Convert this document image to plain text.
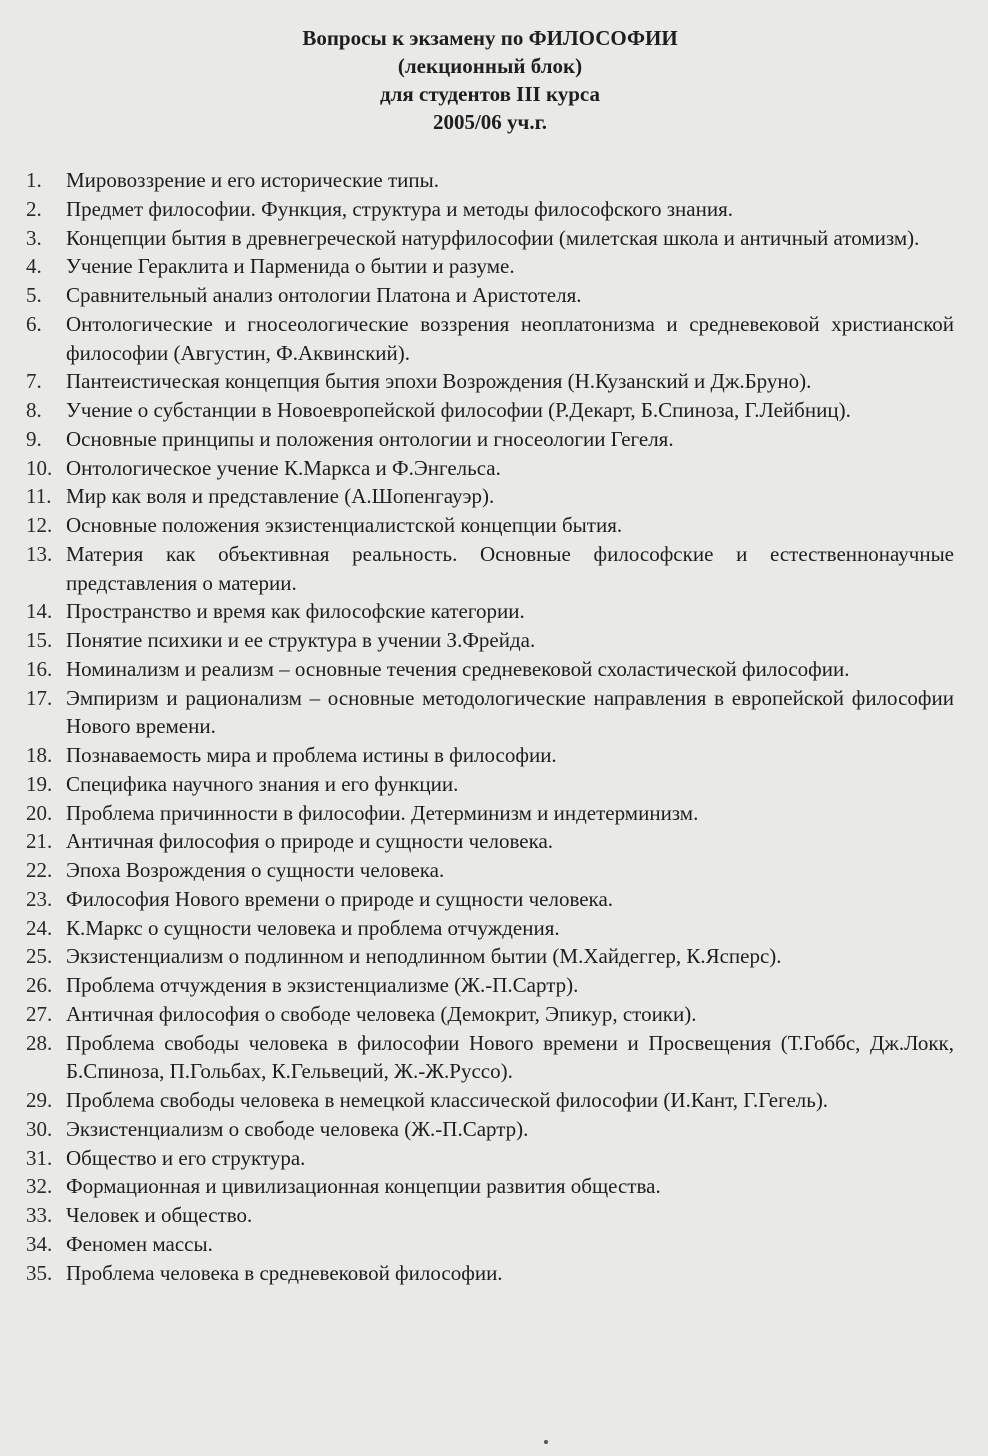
Вопросы к экзамену по ФИЛОСОФИИ
(лекционный блок)
для студентов III курса
2005/06 уч.г.
1.	Мировоззрение и его исторические типы.
2.	Предмет философии. Функция, структура и методы философского знания.
3.	Концепции бытия в древнегреческой натурфилософии (милетская школа и античный атомизм).
4.	Учение Гераклита и Парменида о бытии и разуме.
5.	Сравнительный анализ онтологии Платона и Аристотеля.
6.	Онтологические и гносеологические воззрения неоплатонизма и средневековой христианской философии (Августин, Ф.Аквинский).
7.	Пантеистическая концепция бытия эпохи Возрождения (Н.Кузанский и Дж.Бруно).
8.	Учение о субстанции в Новоевропейской философии (Р.Декарт, Б.Спиноза, Г.Лейбниц).
9.	Основные принципы и положения онтологии и гносеологии Гегеля.
10. Онтологическое учение К.Маркса и Ф.Энгельса.
11. Мир как воля и представление (А.Шопенгауэр).
12. Основные положения экзистенциалистской концепции бытия.
13. Материя как объективная реальность. Основные философские и естественнонаучные представления о материи.
14. Пространство и время как философские категории.
15. Понятие психики и ее структура в учении З.Фрейда.
16. Номинализм и реализм – основные течения средневековой схоластической философии.
17. Эмпиризм и рационализм – основные методологические направления в европейской философии Нового времени.
18. Познаваемость мира и проблема истины в философии.
19. Специфика научного знания и его функции.
20. Проблема причинности в философии. Детерминизм и индетерминизм.
21. Античная философия о природе и сущности человека.
22. Эпоха Возрождения о сущности человека.
23. Философия Нового времени о природе и сущности человека.
24. К.Маркс о сущности человека и проблема отчуждения.
25. Экзистенциализм о подлинном и неподлинном бытии (М.Хайдеггер, К.Ясперс).
26. Проблема отчуждения в экзистенциализме (Ж.-П.Сартр).
27. Античная философия о свободе человека (Демокрит, Эпикур, стоики).
28. Проблема свободы человека в философии Нового времени и Просвещения (Т.Гоббс, Дж.Локк, Б.Спиноза, П.Гольбах, К.Гельвеций, Ж.-Ж.Руссо).
29. Проблема свободы человека в немецкой классической философии (И.Кант, Г.Гегель).
30. Экзистенциализм о свободе человека (Ж.-П.Сартр).
31. Общество и его структура.
32. Формационная и цивилизационная концепции развития общества.
33. Человек и общество.
34. Феномен массы.
35. Проблема человека в средневековой философии.
